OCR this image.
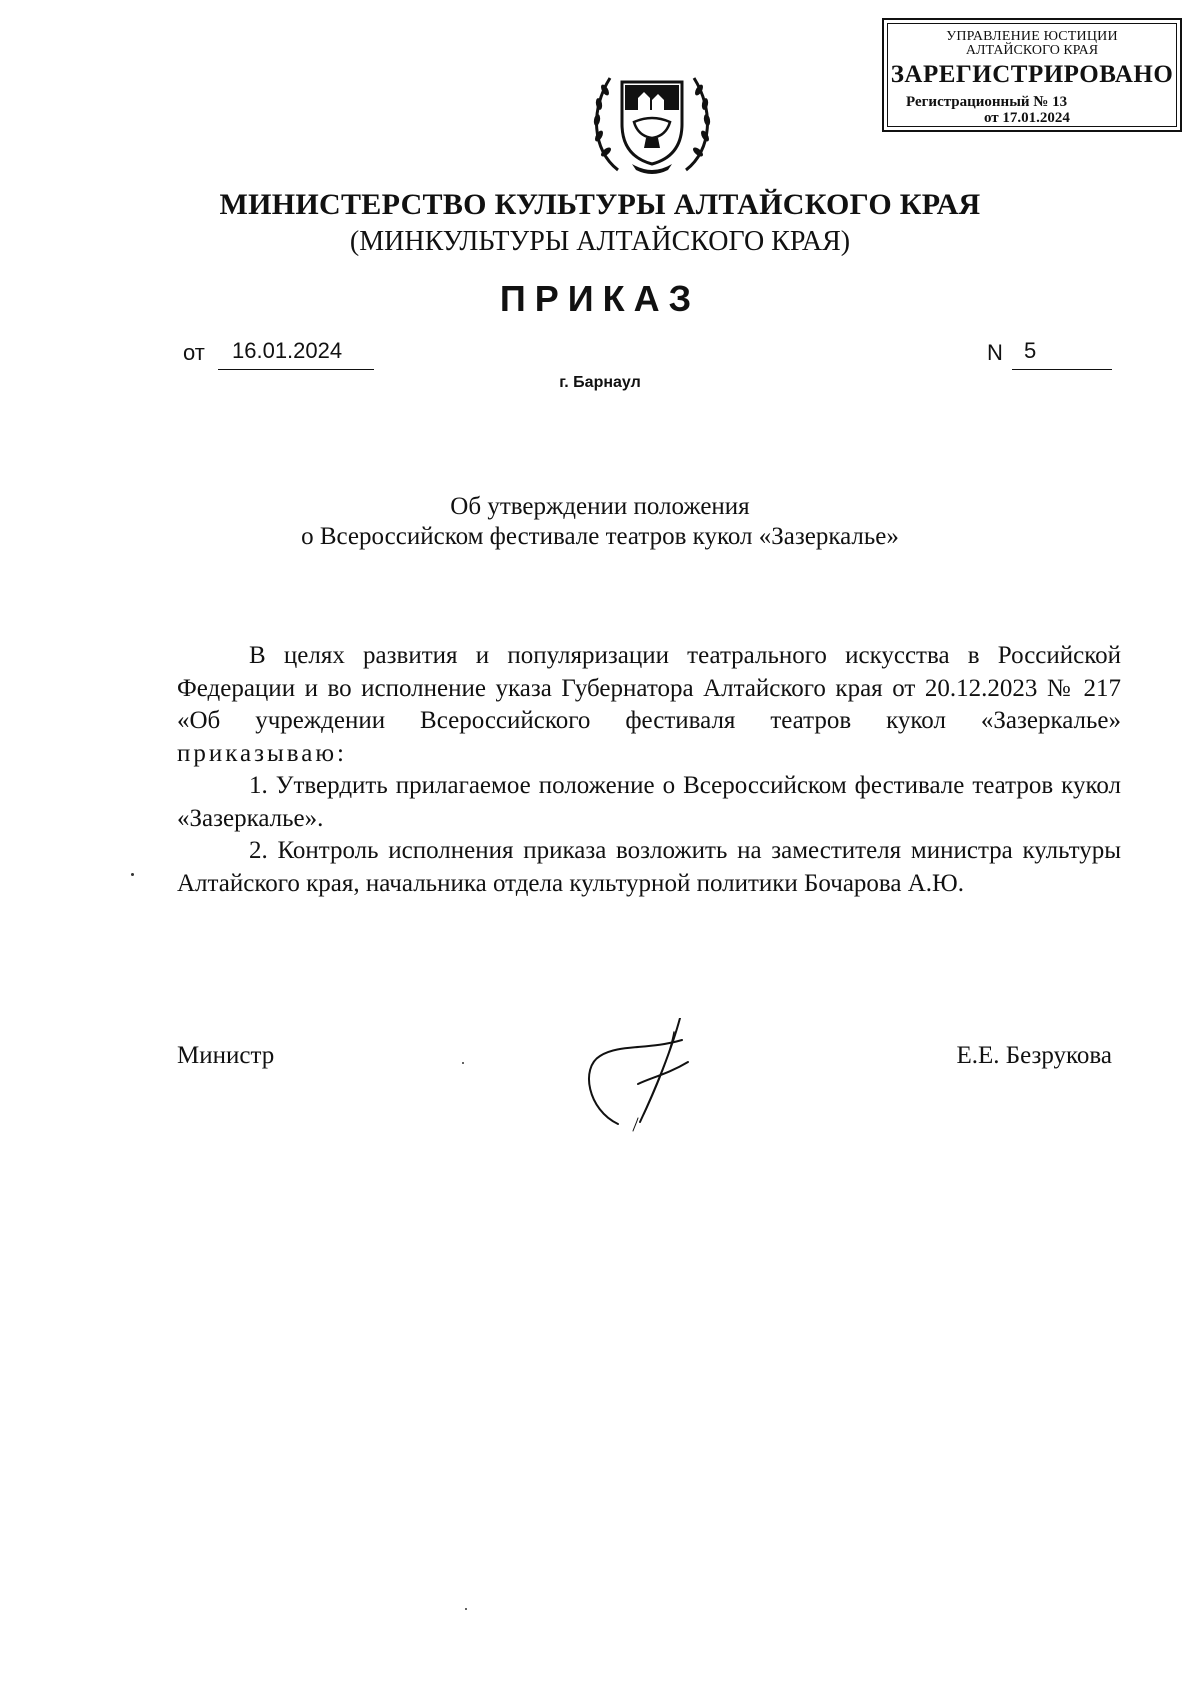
УПРАВЛЕНИЕ ЮСТИЦИИ
АЛТАЙСКОГО КРАЯ
ЗАРЕГИСТРИРОВАНО
Регистрационный № 13
от 17.01.2024
МИНИСТЕРСТВО КУЛЬТУРЫ АЛТАЙСКОГО КРАЯ
(МИНКУЛЬТУРЫ АЛТАЙСКОГО КРАЯ)
ПРИКАЗ
от	16.01.2024	N 5
г. Барнаул
Об утверждении положения
о Всероссийском фестивале театров кукол «Зазеркалье»

В целях развития и популяризации театрального искусства в Российской Федерации и во исполнение указа Губернатора Алтайского края от 20.12.2023 № 217 «Об учреждении Всероссийского фестиваля театров кукол «Зазеркалье» приказываю:

1. Утвердить прилагаемое положение о Всероссийском фестивале театров кукол «Зазеркалье».

2. Контроль исполнения приказа возложить на заместителя министра культуры Алтайского края, начальника отдела культурной политики Бочарова А.Ю.

Министр	Е.Е. Безрукова
